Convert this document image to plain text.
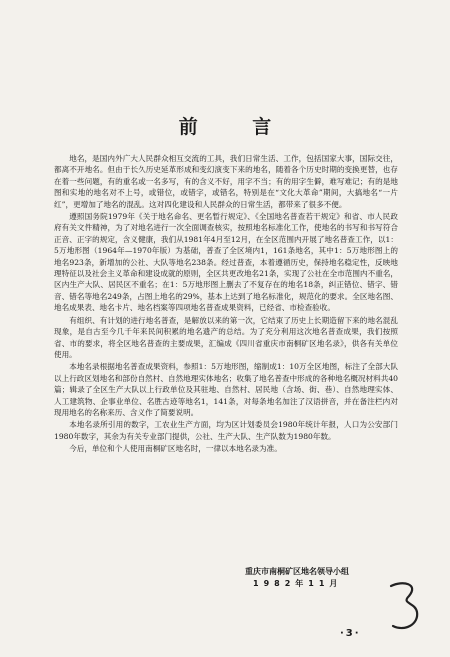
前 言

地名，是国内外广大人民群众相互交流的工具，我们日常生活、工作，包括国家大事，国际交往，都离不开地名。但由于长久历史延革形成和变幻演变下来的地名，随着各个历史时期的变换更替，也存在着一些问题，有的重名或一名多写，有的含义不好，用字不当；有的用字生僻，难写难记；有的是地图和实地的地名对不上号，或错位，或错字，或错名，特别是在“文化大革命”期间，大搞地名“一片红”，更增加了地名的混乱。这对四化建设和人民群众的日常生活，都带来了很多不便。

遵照国务院1979年《关于地名命名、更名暂行规定》、《全国地名普查若干规定》和省、市人民政府有关文件精神，为了对地名进行一次全面调查核实，按照地名标准化工作，使地名的书写和书写符合正音、正字的规定，含义健康，我们从1981年4月至12月，在全区范围内开展了地名普查工作，以1：5万地形图（1964年—1970年版）为基础，普查了全区境内1，161条地名，其中1：5万地形图上的地名923条，新增加的公社、大队等地名238条。经过普查，本着遵循历史，保持地名稳定性，反映地理特征以及社会主义革命和建设成就的原则，全区共更改地名21条，实现了公社在全市范围内不重名，区内生产大队、居民区不重名；在1：5万地形图上删去了不复存在的地名18条，纠正错位、错字、错音、错名等地名249条，占图上地名的29%，基本上达到了地名标准化，规范化的要求。全区地名图、地名成果表、地名卡片、地名档案等四项地名普查成果资料，已经省、市检查验收。

有组织、有计划的进行地名普查，是解放以来的第一次，它结束了历史上长期造留下来的地名混乱现象，是自古至今几千年来民间积累的地名遗产的总结。为了充分利用这次地名普查成果，我们按照省、市的要求，将全区地名普查的主要成果，汇编成《四川省重庆市南桐矿区地名录》，供各有关单位使用。

本地名录根据地名普查成果资料，参照1：5万地形图，缩制成1：10万全区地图，标注了全部大队以上行政区划地名和部份自然村、自然地理实体地名；收集了地名普查中形成的各种地名概况材料共40篇；辑录了全区生产大队以上行政单位及其驻地、自然村、居民地（含场、街、巷）、自然地理实体、人工建筑物、企事业单位、名胜古迹等地名1，141条，对每条地名加注了汉语拼音，并在备注栏内对现用地名的名称来历、含义作了简要说明。

本地名录所引用的数字，工农业生产方面，均为区计划委员会1980年统计年报，人口为公安部门1980年数字，其余为有关专业部门提供，公社、生产大队、生产队数为1980年数。

今后，单位和个人使用南桐矿区地名时，一律以本地名录为准。

重庆市南桐矿区地名领导小组
1982年11月
·3·
